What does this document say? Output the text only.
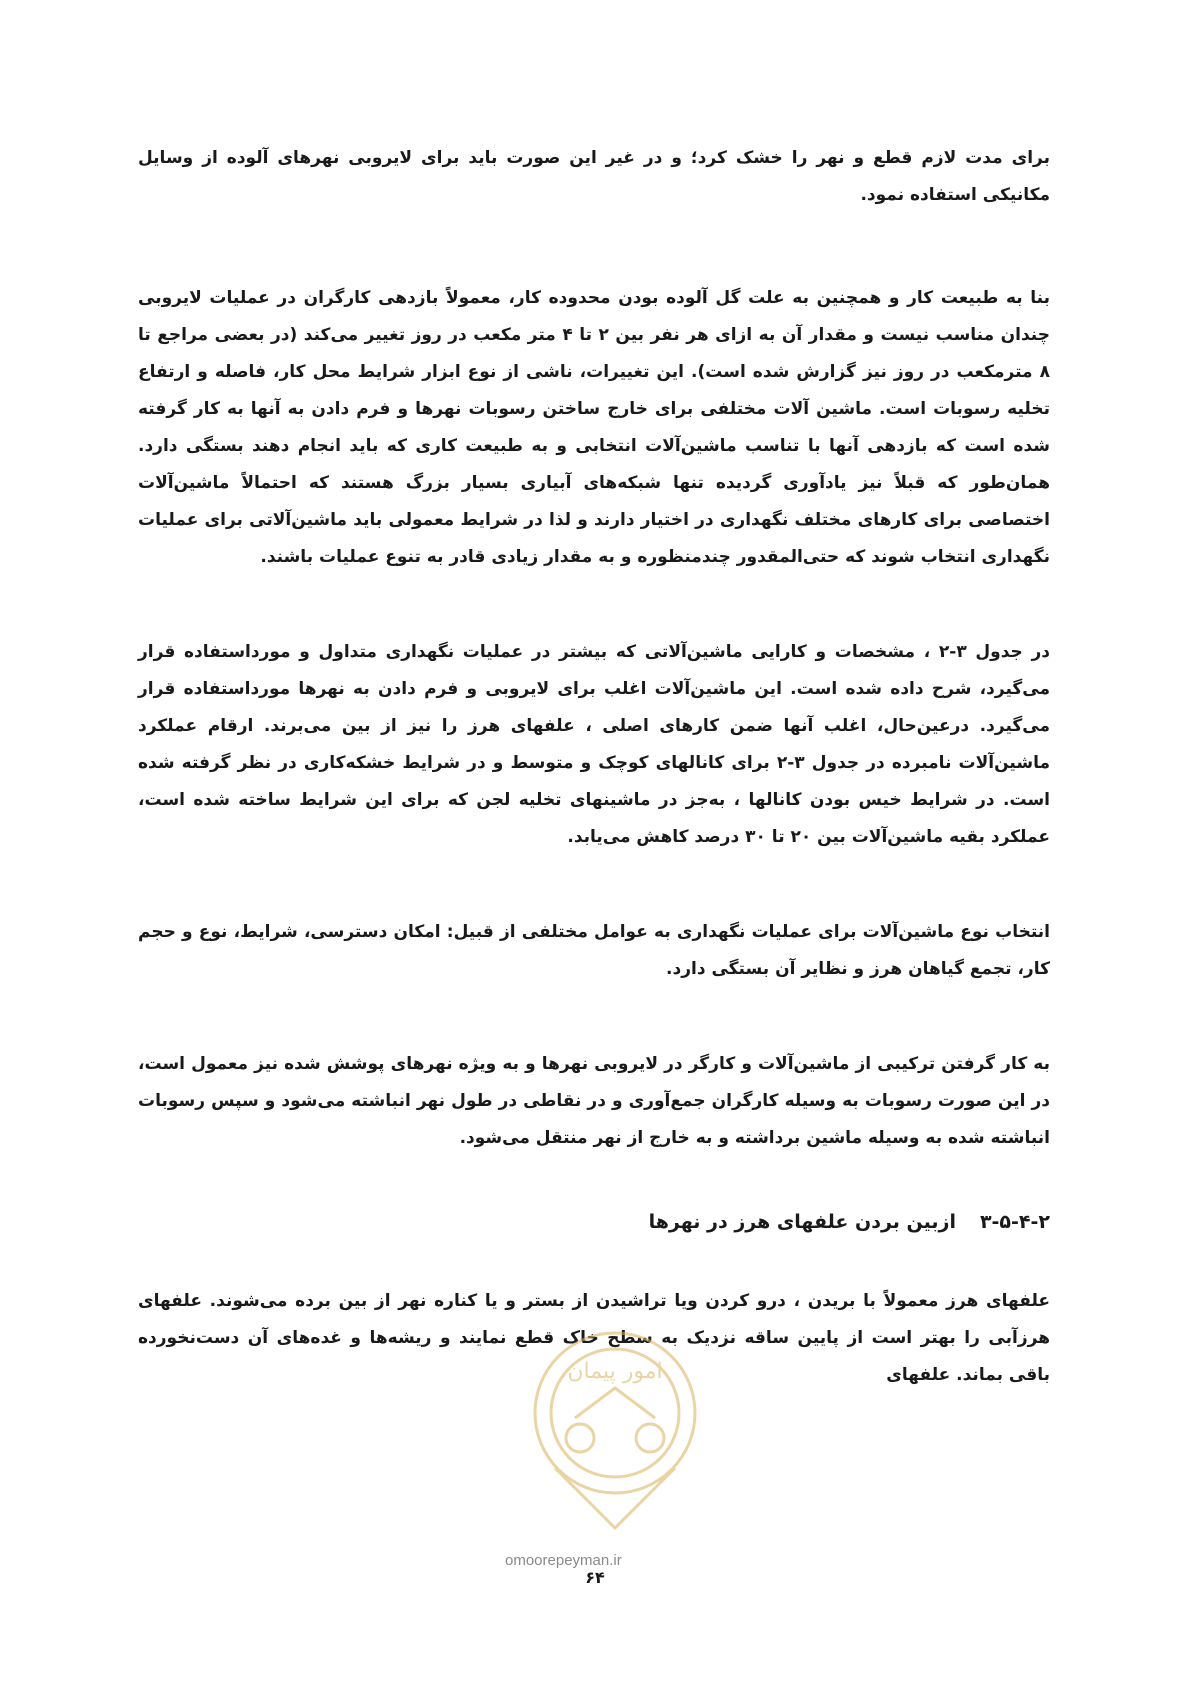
برای مدت لازم قطع و نهر را خشک کرد؛ و در غیر این صورت باید برای لایروبی نهرهای آلوده از وسایل مکانیکی استفاده نمود.

بنا به طبیعت کار و همچنین به علت گل آلوده بودن محدوده کار، معمولاً بازدهی کارگران در عملیات لایروبی چندان مناسب نیست و مقدار آن به ازای هر نفر بین ۲ تا ۴ متر مکعب در روز تغییر می‌کند (در بعضی مراجع تا ۸ مترمکعب در روز نیز گزارش شده است). این تغییرات، ناشی از نوع ابزار شرایط محل کار، فاصله و ارتفاع تخلیه رسوبات است. ماشین آلات مختلفی برای خارج ساختن رسوبات نهرها و فرم دادن به آنها به کار گرفته شده است که بازدهی آنها با تناسب ماشین‌آلات انتخابی و به طبیعت کاری که باید انجام دهند بستگی دارد. همان‌طور که قبلاً نیز یادآوری گردیده تنها شبکه‌های آبیاری بسیار بزرگ هستند که احتمالاً ماشین‌آلات اختصاصی برای کارهای مختلف نگهداری در اختیار دارند و لذا در شرایط معمولی باید ماشین‌آلاتی برای عملیات نگهداری انتخاب شوند که حتی‌المقدور چندمنظوره و به مقدار زیادی قادر به تنوع عملیات باشند.

در جدول ۳-۲ ، مشخصات و کارایی ماشین‌آلاتی که بیشتر در عملیات نگهداری متداول و مورداستفاده قرار می‌گیرد، شرح داده شده است. این ماشین‌آلات اغلب برای لایروبی و فرم دادن به نهرها مورداستفاده قرار می‌گیرد. درعین‌حال، اغلب آنها ضمن کارهای اصلی ، علفهای هرز را نیز از بین می‌برند. ارقام عملکرد ماشین‌آلات نامبرده در جدول ۳-۲ برای کانالهای کوچک و متوسط و در شرایط خشکه‌کاری در نظر گرفته شده است. در شرایط خیس بودن کانالها ، به‌جز در ماشینهای تخلیه لجن که برای این شرایط ساخته شده است، عملکرد بقیه ماشین‌آلات بین ۲۰ تا ۳۰ درصد کاهش می‌یابد.

انتخاب نوع ماشین‌آلات برای عملیات نگهداری به عوامل مختلفی از قبیل: امکان دسترسی، شرایط، نوع و حجم کار، تجمع گیاهان هرز و نظایر آن بستگی دارد.

به کار گرفتن ترکیبی از ماشین‌آلات و کارگر در لایروبی نهرها و به ویژه نهرهای پوشش شده نیز معمول است، در این صورت رسوبات به وسیله کارگران جمع‌آوری و در نقاطی در طول نهر انباشته می‌شود و سپس رسوبات انباشته شده به وسیله ماشین برداشته و به خارج از نهر منتقل می‌شود.

۳-۵-۴-۲
ازبین بردن علفهای هرز در نهرها

علفهای هرز معمولاً با بریدن ، درو کردن ویا تراشیدن از بستر و یا کناره نهر از بین برده می‌شوند. علفهای هرزآبی را بهتر است از پایین ساقه نزدیک به سطح خاک قطع نمایند و ریشه‌ها و غده‌های آن دست‌نخورده باقی بماند. علفهای

امور پیمان
omoorepeyman.ir
۶۴
